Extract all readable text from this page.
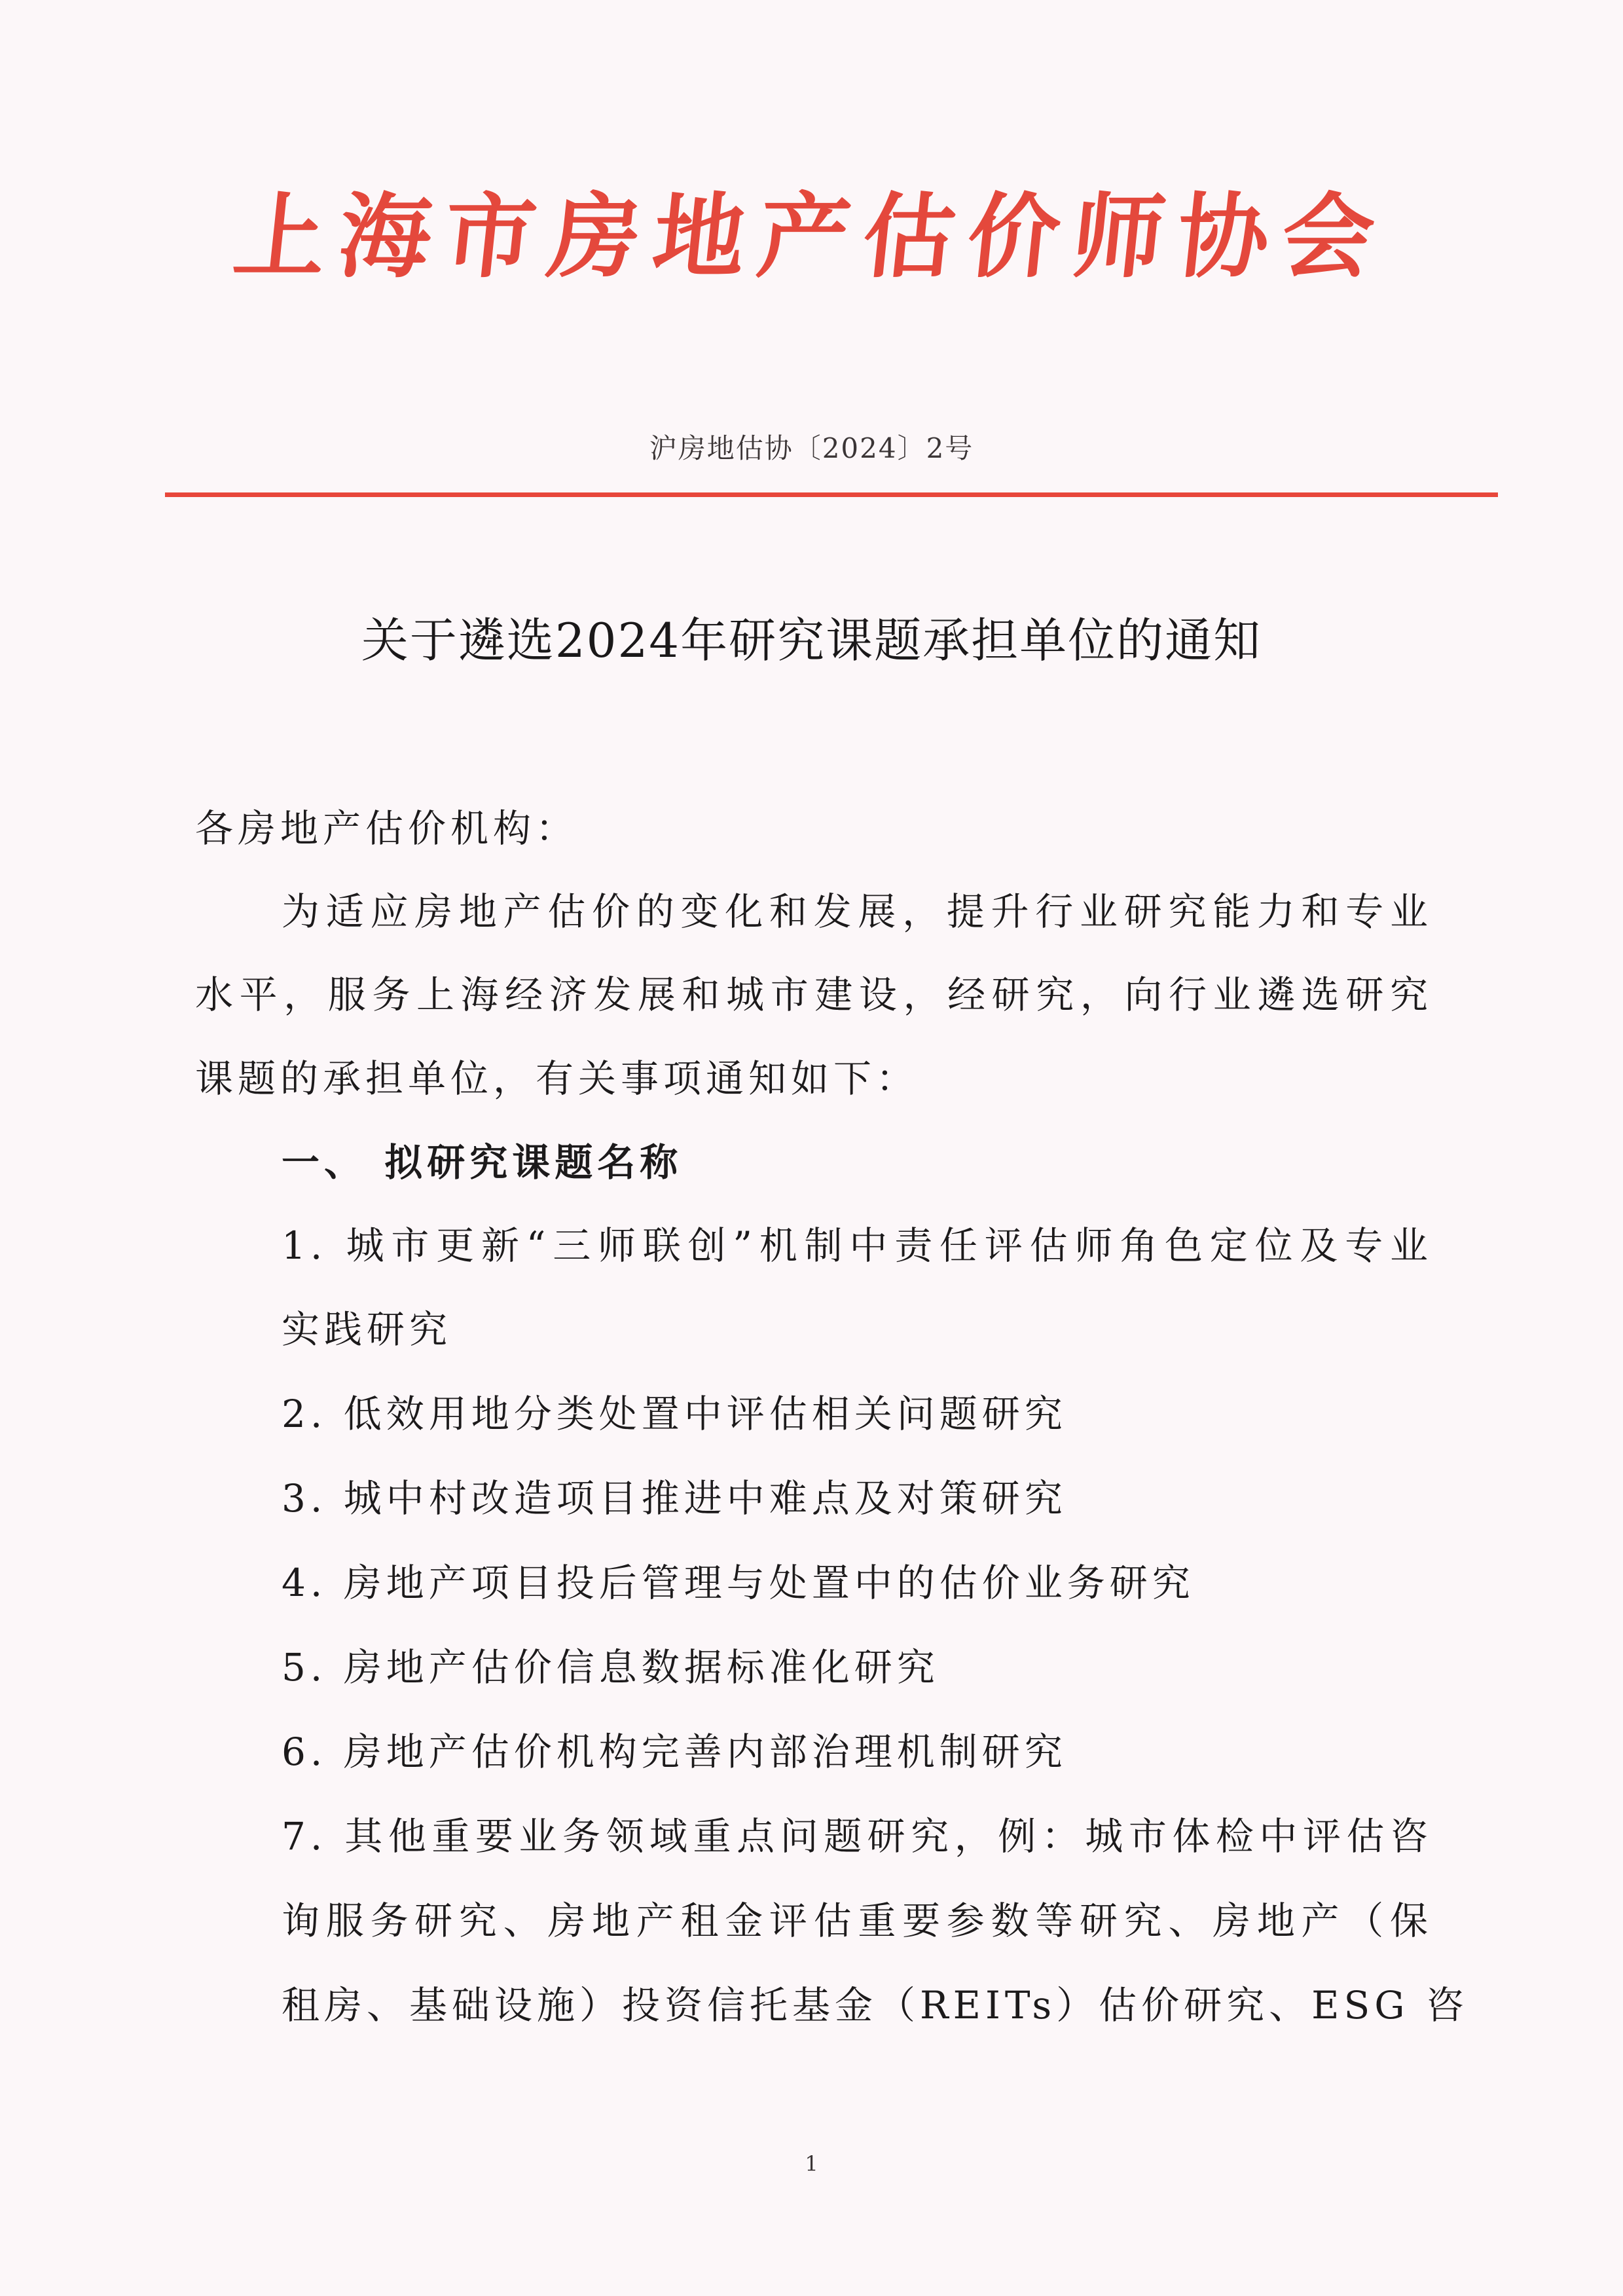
上海市房地产估价师协会
沪房地估协〔2024〕2号
关于遴选2024年研究课题承担单位的通知
各房地产估价机构：
为适应房地产估价的变化和发展，提升行业研究能力和专业
水平，服务上海经济发展和城市建设，经研究，向行业遴选研究
课题的承担单位，有关事项通知如下：
一、 拟研究课题名称
1. 城市更新“三师联创”机制中责任评估师角色定位及专业
实践研究
2. 低效用地分类处置中评估相关问题研究
3. 城中村改造项目推进中难点及对策研究
4. 房地产项目投后管理与处置中的估价业务研究
5. 房地产估价信息数据标准化研究
6. 房地产估价机构完善内部治理机制研究
7. 其他重要业务领域重点问题研究，例：城市体检中评估咨
询服务研究、房地产租金评估重要参数等研究、房地产（保
租房、基础设施）投资信托基金（REITs）估价研究、ESG 咨
1
